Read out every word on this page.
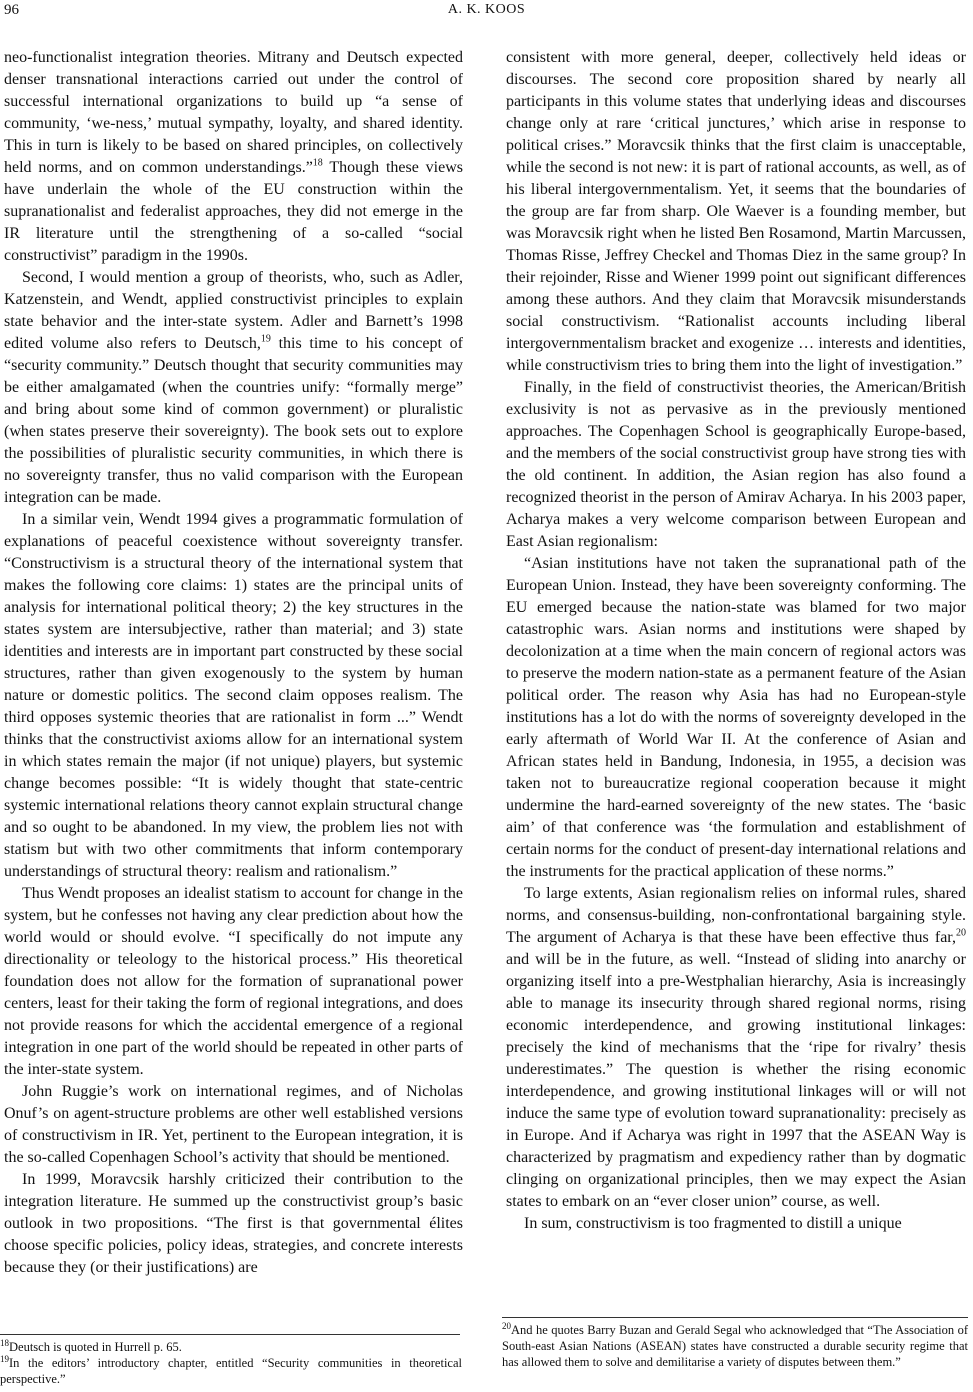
96	A. K. KOOS

neo-functionalist integration theories. Mitrany and Deutsch expected denser transnational interactions carried out under the control of successful international organizations to build up “a sense of community, ‘we-ness,’ mutual sympathy, loyalty, and shared identity. This in turn is likely to be based on shared principles, on collectively held norms, and on common understandings.”$^{18}$ Though these views have underlain the whole of the EU construction within the supranationalist and federalist approaches, they did not emerge in the IR literature until the strengthening of a so-called “social constructivist” paradigm in the 1990s.

Second, I would mention a group of theorists, who, such as Adler, Katzenstein, and Wendt, applied constructivist principles to explain state behavior and the inter-state system. Adler and Barnett’s 1998 edited volume also refers to Deutsch,$^{19}$ this time to his concept of “security community.” Deutsch thought that security communities may be either amalgamated (when the countries unify: “formally merge” and bring about some kind of common government) or pluralistic (when states preserve their sovereignty). The book sets out to explore the possibilities of pluralistic security communities, in which there is no sovereignty transfer, thus no valid comparison with the European integration can be made.

In a similar vein, Wendt 1994 gives a programmatic formulation of explanations of peaceful coexistence without sovereignty transfer. “Constructivism is a structural theory of the international system that makes the following core claims: 1) states are the principal units of analysis for international political theory; 2) the key structures in the states system are intersubjective, rather than material; and 3) state identities and interests are in important part constructed by these social structures, rather than given exogenously to the system by human nature or domestic politics. The second claim opposes realism. The third opposes systemic theories that are rationalist in form ...” Wendt thinks that the constructivist axioms allow for an international system in which states remain the major (if not unique) players, but systemic change becomes possible: “It is widely thought that state-centric systemic international relations theory cannot explain structural change and so ought to be abandoned. In my view, the problem lies not with statism but with two other commitments that inform contemporary understandings of structural theory: realism and rationalism.”

Thus Wendt proposes an idealist statism to account for change in the system, but he confesses not having any clear prediction about how the world would or should evolve. “I specifically do not impute any directionality or teleology to the historical process.” His theoretical foundation does not allow for the formation of supranational power centers, least for their taking the form of regional integrations, and does not provide reasons for which the accidental emergence of a regional integration in one part of the world should be repeated in other parts of the inter-state system.

John Ruggie’s work on international regimes, and of Nicholas Onuf’s on agent-structure problems are other well established versions of constructivism in IR. Yet, pertinent to the European integration, it is the so-called Copenhagen School’s activity that should be mentioned.

In 1999, Moravcsik harshly criticized their contribution to the integration literature. He summed up the constructivist group’s basic outlook in two propositions. “The first is that governmental élites choose specific policies, policy ideas, strategies, and concrete interests because they (or their justifications) are

consistent with more general, deeper, collectively held ideas or discourses. The second core proposition shared by nearly all participants in this volume states that underlying ideas and discourses change only at rare ‘critical junctures,’ which arise in response to political crises.” Moravcsik thinks that the first claim is unacceptable, while the second is not new: it is part of rational accounts, as well, as of his liberal intergovernmentalism. Yet, it seems that the boundaries of the group are far from sharp. Ole Waever is a founding member, but was Moravcsik right when he listed Ben Rosamond, Martin Marcussen, Thomas Risse, Jeffrey Checkel and Thomas Diez in the same group? In their rejoinder, Risse and Wiener 1999 point out significant differences among these authors. And they claim that Moravcsik misunderstands social constructivism. “Rationalist accounts including liberal intergovernmentalism bracket and exogenize … interests and identities, while constructivism tries to bring them into the light of investigation.”

Finally, in the field of constructivist theories, the American/British exclusivity is not as pervasive as in the previously mentioned approaches. The Copenhagen School is geographically Europe-based, and the members of the social constructivist group have strong ties with the old continent. In addition, the Asian region has also found a recognized theorist in the person of Amirav Acharya. In his 2003 paper, Acharya makes a very welcome comparison between European and East Asian regionalism:

“Asian institutions have not taken the supranational path of the European Union. Instead, they have been sovereignty conforming. The EU emerged because the nation-state was blamed for two major catastrophic wars. Asian norms and institutions were shaped by decolonization at a time when the main concern of regional actors was to preserve the modern nation-state as a permanent feature of the Asian political order. The reason why Asia has had no European-style institutions has a lot do with the norms of sovereignty developed in the early aftermath of World War II. At the conference of Asian and African states held in Bandung, Indonesia, in 1955, a decision was taken not to bureaucratize regional cooperation because it might undermine the hard-earned sovereignty of the new states. The ‘basic aim’ of that conference was ‘the formulation and establishment of certain norms for the conduct of present-day international relations and the instruments for the practical application of these norms.”

To large extents, Asian regionalism relies on informal rules, shared norms, and consensus-building, non-confrontational bargaining style. The argument of Acharya is that these have been effective thus far,$^{20}$ and will be in the future, as well. “Instead of sliding into anarchy or organizing itself into a pre-Westphalian hierarchy, Asia is increasingly able to manage its insecurity through shared regional norms, rising economic interdependence, and growing institutional linkages: precisely the kind of mechanisms that the ‘ripe for rivalry’ thesis underestimates.” The question is whether the rising economic interdependence, and growing institutional linkages will or will not induce the same type of evolution toward supranationality: precisely as in Europe. And if Acharya was right in 1997 that the ASEAN Way is characterized by pragmatism and expediency rather than by dogmatic clinging on organizational principles, then we may expect the Asian states to embark on an “ever closer union” course, as well.

In sum, constructivism is too fragmented to distill a unique

$^{18}$Deutsch is quoted in Hurrell p. 65.

$^{19}$In the editors’ introductory chapter, entitled “Security communities in theoretical perspective.”

$^{20}$And he quotes Barry Buzan and Gerald Segal who acknowledged that “The Association of South-east Asian Nations (ASEAN) states have constructed a durable security regime that has allowed them to solve and demilitarise a variety of disputes between them.”
